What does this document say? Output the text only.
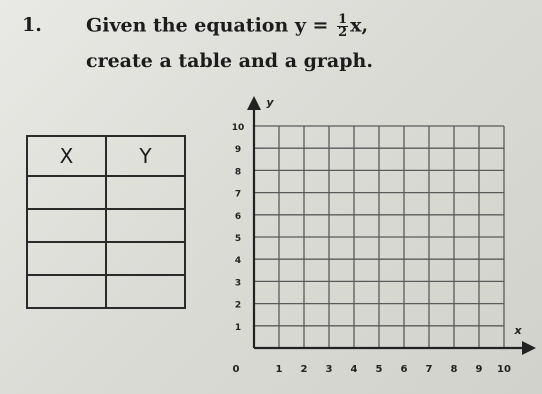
1. Given the equation $y = \frac{1}{2} x$,
create a table and a graph.
X	Y

1 2 3 4 5 6 7 8 9 10
1
2
3
4
5
6
7
8
9
10
0
y
x
